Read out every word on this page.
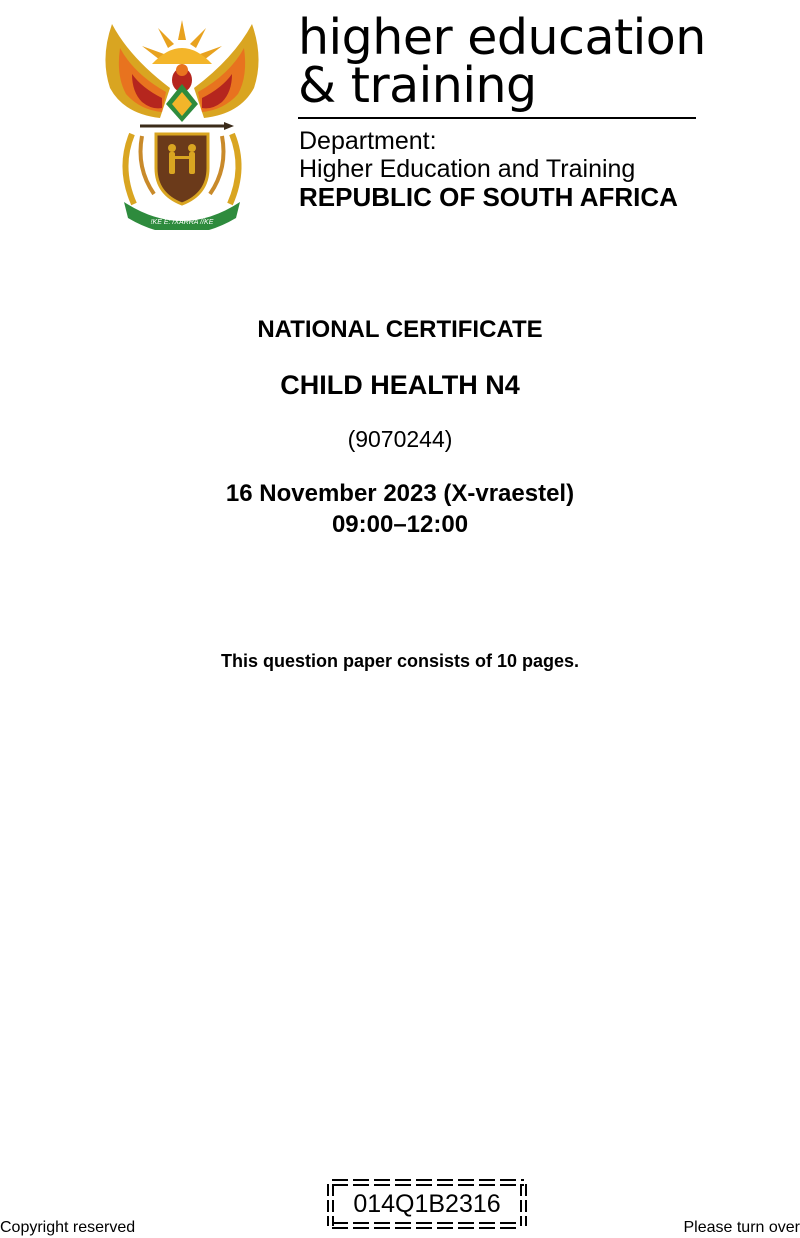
!KE E: /XARRA //KE

higher education

& training

Department:

Higher Education and Training

REPUBLIC OF SOUTH AFRICA

NATIONAL CERTIFICATE

CHILD HEALTH N4

(9070244)

16 November 2023 (X-vraestel)

09:00–12:00

This question paper consists of 10 pages.

Copyright reserved	Please turn over

014Q1B2316
